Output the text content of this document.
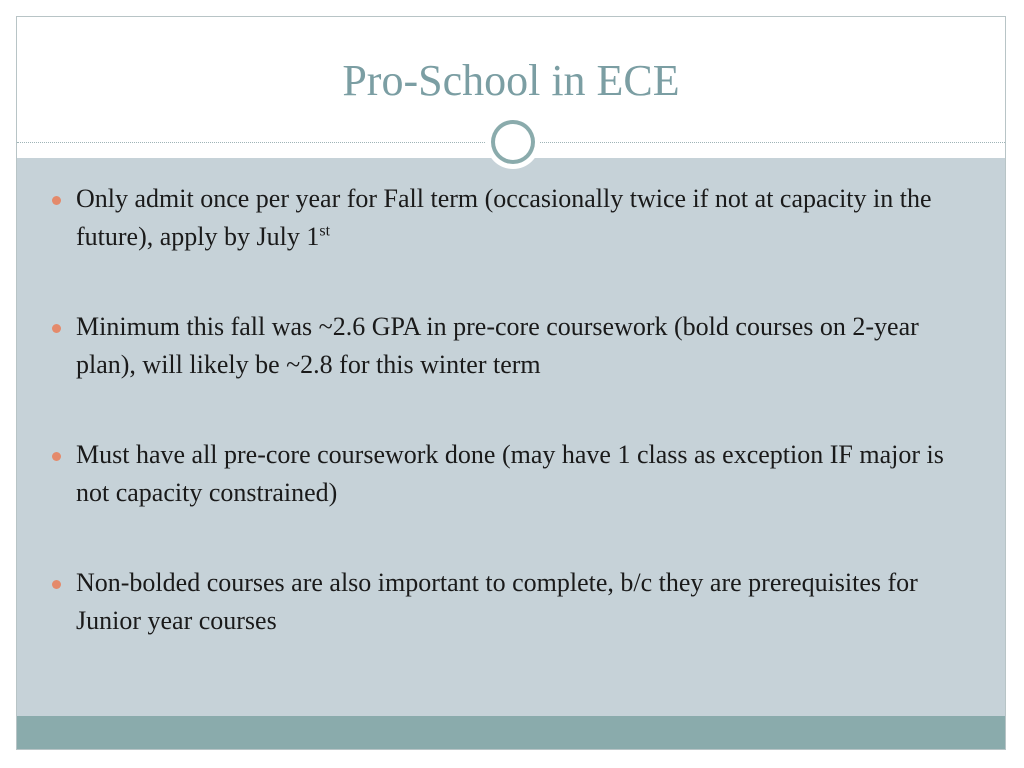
Pro-School in ECE
Only admit once per year for Fall term (occasionally twice if not at capacity in the future), apply by July 1st
Minimum this fall was ~2.6 GPA in pre-core coursework (bold courses on 2-year plan), will likely be ~2.8 for this winter term
Must have all pre-core coursework done (may have 1 class as exception IF major is not capacity constrained)
Non-bolded courses are also important to complete, b/c they are prerequisites for Junior year courses
